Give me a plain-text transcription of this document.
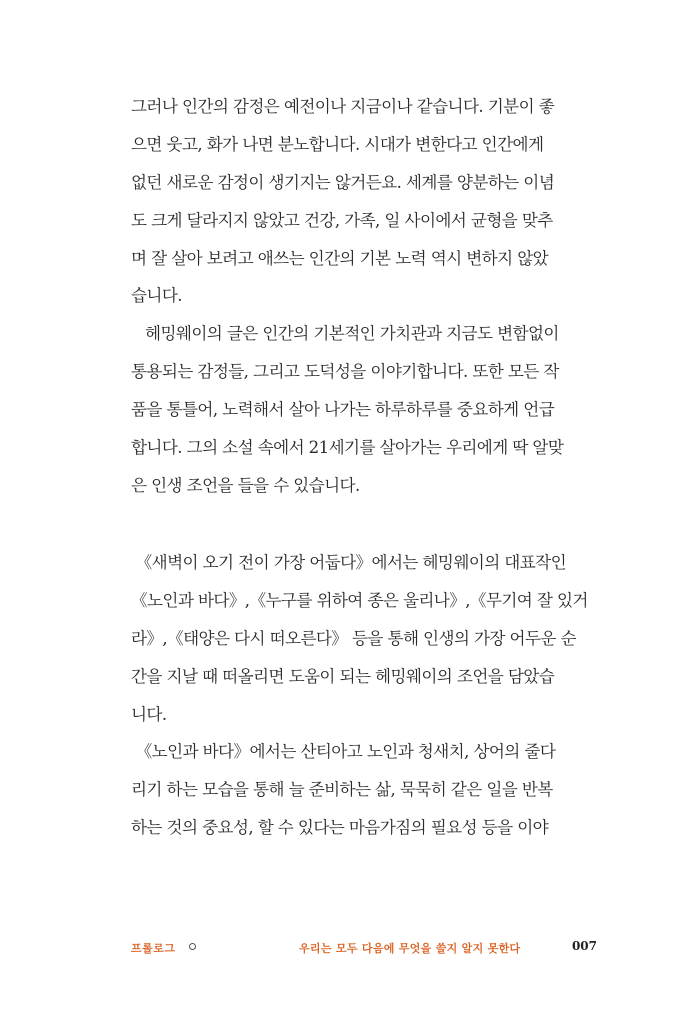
그러나 인간의 감정은 예전이나 지금이나 같습니다. 기분이 좋
으면 웃고, 화가 나면 분노합니다. 시대가 변한다고 인간에게
없던 새로운 감정이 생기지는 않거든요. 세계를 양분하는 이념
도 크게 달라지지 않았고 건강, 가족, 일 사이에서 균형을 맞추
며 잘 살아 보려고 애쓰는 인간의 기본 노력 역시 변하지 않았
습니다.
헤밍웨이의 글은 인간의 기본적인 가치관과 지금도 변함없이
통용되는 감정들, 그리고 도덕성을 이야기합니다. 또한 모든 작
품을 통틀어, 노력해서 살아 나가는 하루하루를 중요하게 언급
합니다. 그의 소설 속에서 21세기를 살아가는 우리에게 딱 알맞
은 인생 조언을 들을 수 있습니다.
《새벽이 오기 전이 가장 어둡다》에서는 헤밍웨이의 대표작인
《노인과 바다》,《누구를 위하여 종은 울리나》,《무기여 잘 있거
라》,《태양은 다시 떠오른다》 등을 통해 인생의 가장 어두운 순
간을 지날 때 떠올리면 도움이 되는 헤밍웨이의 조언을 담았습
니다.
《노인과 바다》에서는 산티아고 노인과 청새치, 상어의 줄다
리기 하는 모습을 통해 늘 준비하는 삶, 묵묵히 같은 일을 반복
하는 것의 중요성, 할 수 있다는 마음가짐의 필요성 등을 이야
프롤로그	우리는 모두 다음에 무엇을 쓸지 알지 못한다	007
